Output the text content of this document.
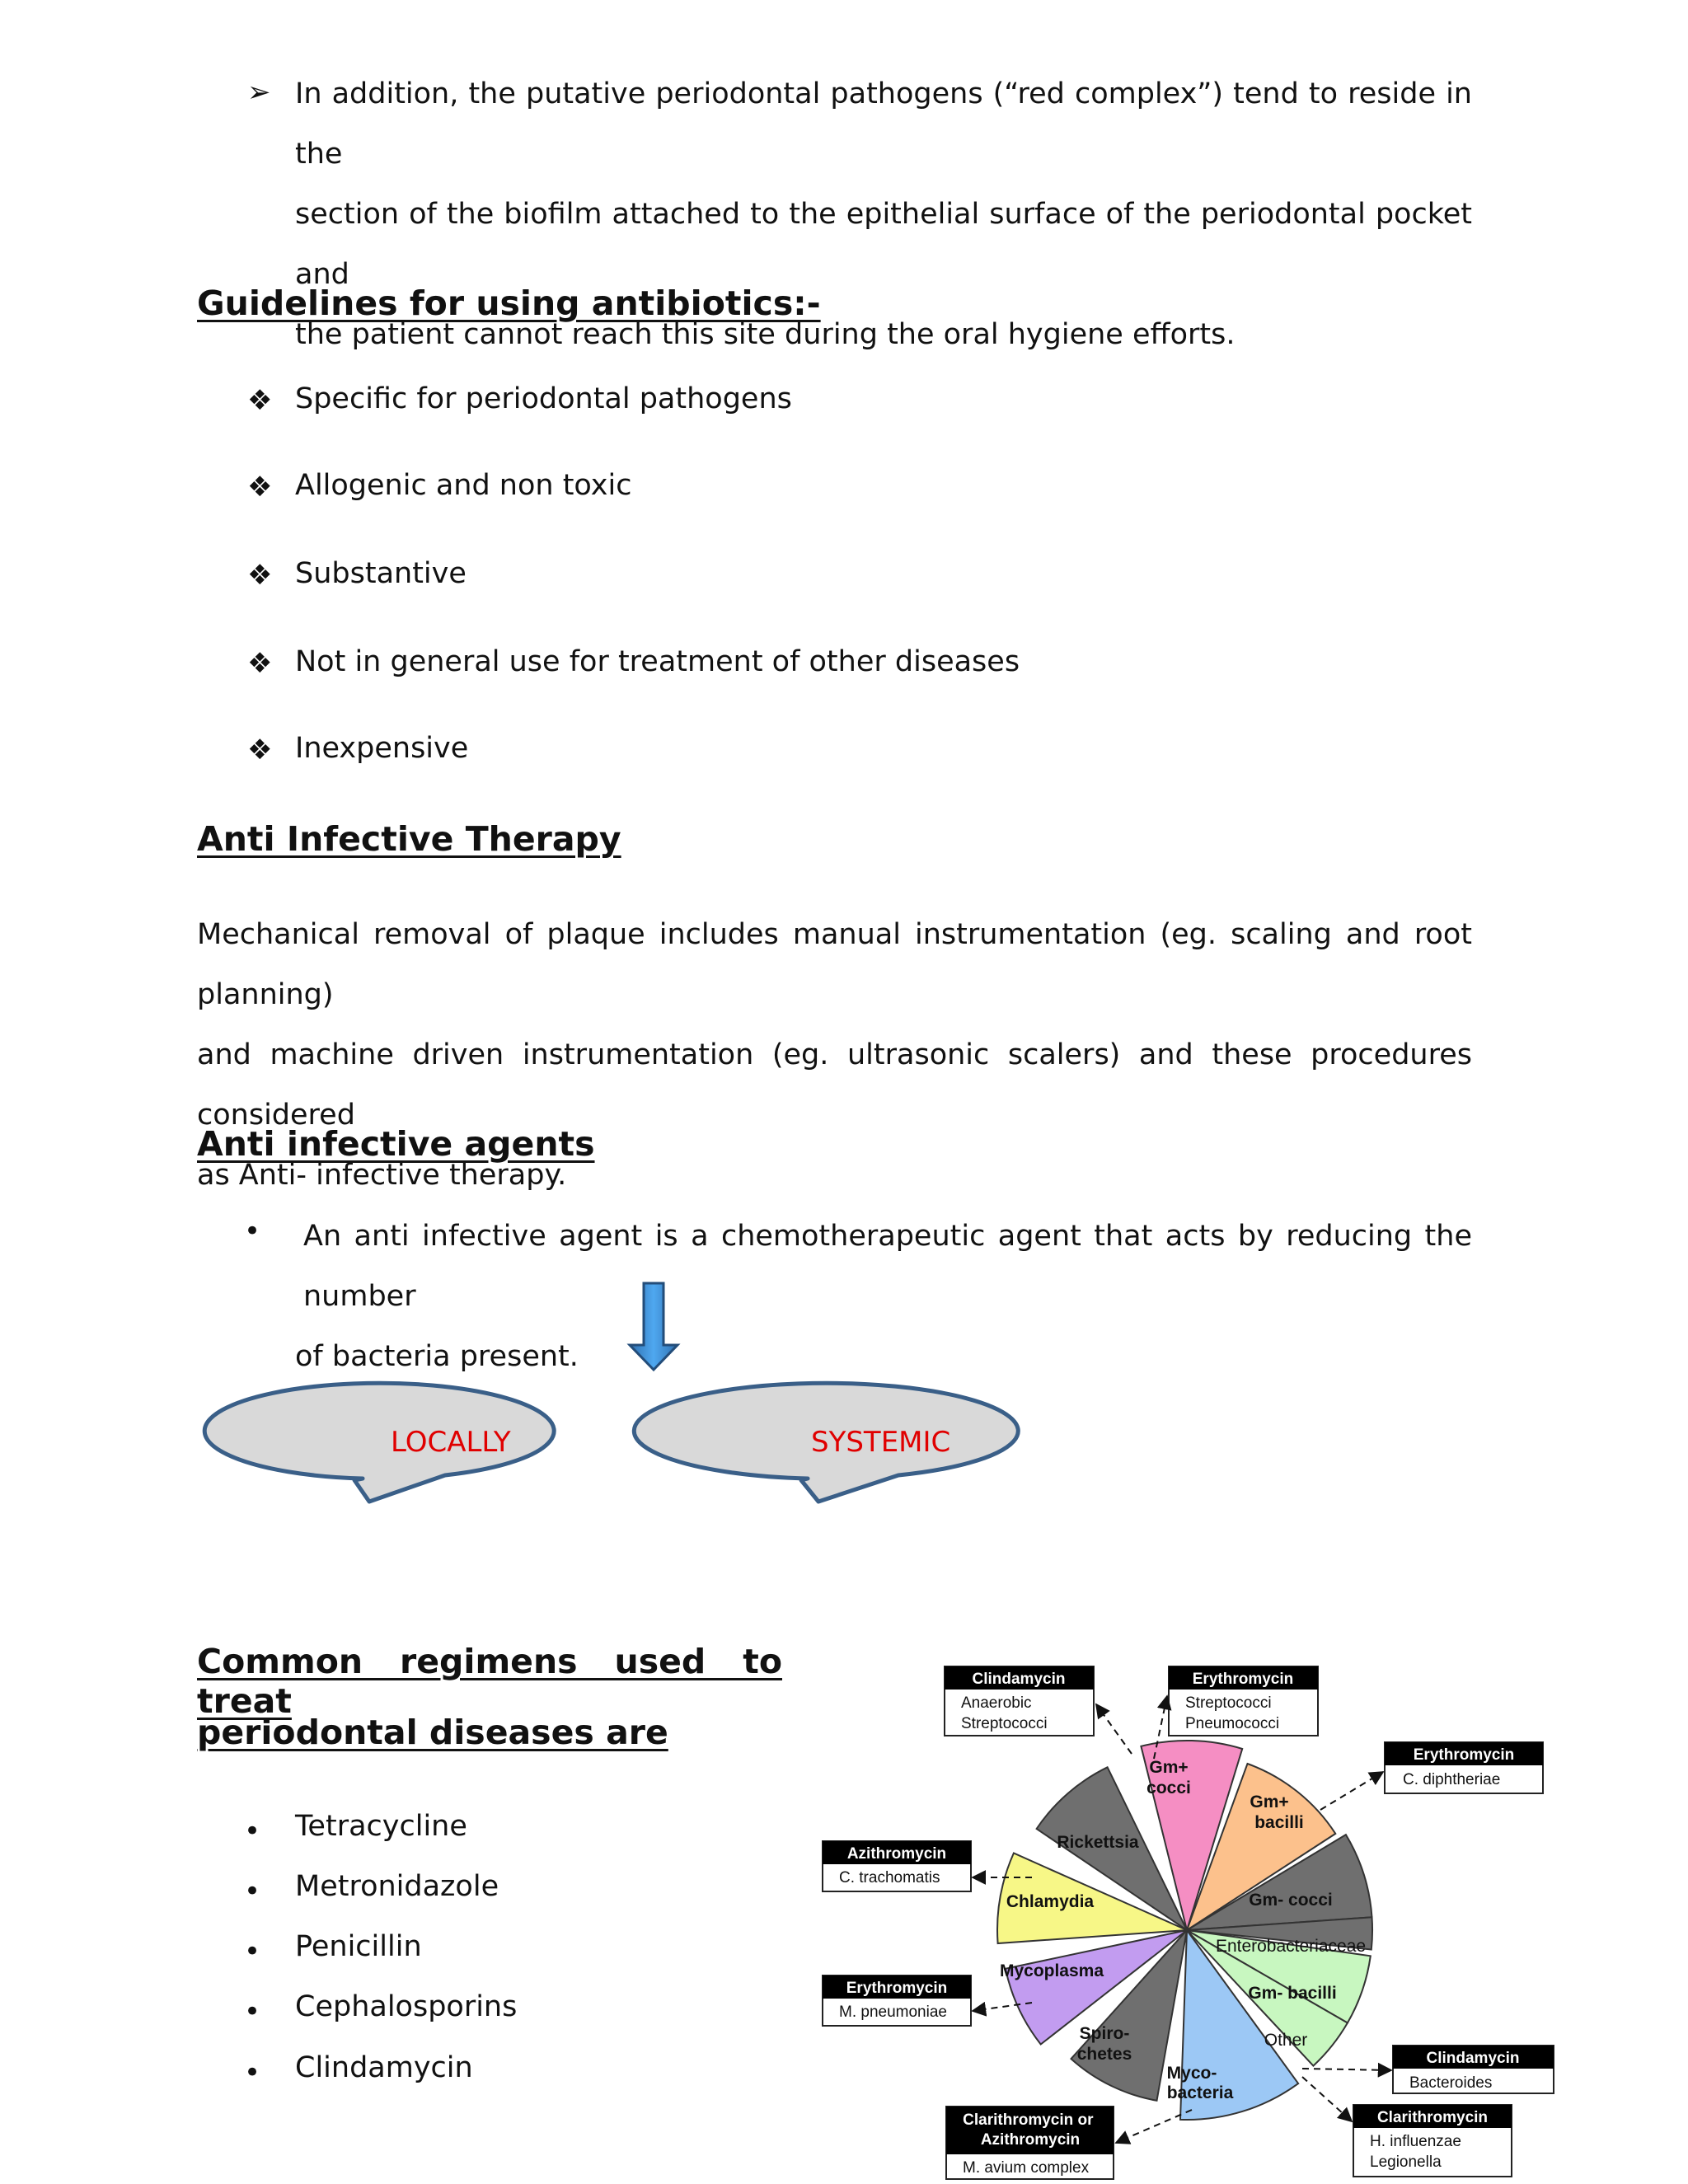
➢ In addition, the putative periodontal pathogens (“red complex”) tend to reside in the
section of the biofilm attached to the epithelial surface of the periodontal pocket and
the patient cannot reach this site during the oral hygiene efforts.
Guidelines for using antibiotics:-
❖ Specific for periodontal pathogens
❖ Allogenic and non toxic
❖ Substantive
❖ Not in general use for treatment of other diseases
❖ Inexpensive
Anti Infective Therapy
Mechanical removal of plaque includes manual instrumentation (eg. scaling and root planning)
and machine driven instrumentation (eg. ultrasonic scalers) and these procedures considered
as Anti- infective therapy.
Anti infective agents
• An anti infective agent is a chemotherapeutic agent that acts by reducing the number
of bacteria present.
LOCALLY	SYSTEMIC
Common regimens used to treat
periodontal diseases are
• Tetracycline
• Metronidazole
• Penicillin
• Cephalosporins
• Clindamycin
Gm+ cocci
Gm+ bacilli
Gm- cocci
Enterobacteriaceae
Gm- bacilli
Other
Myco-bacteria
Spiro-chetes
Mycoplasma
Chlamydia
Rickettsia
Clindamycin
Anaerobic
Streptococci
Erythromycin
Streptococci
Pneumococci
Erythromycin
C. diphtheriae
Azithromycin
C. trachomatis
Erythromycin
M. pneumoniae
Clindamycin
Bacteroides
Clarithromycin
H. influenzae
Legionella
Clarithromycin or Azithromycin
M. avium complex
